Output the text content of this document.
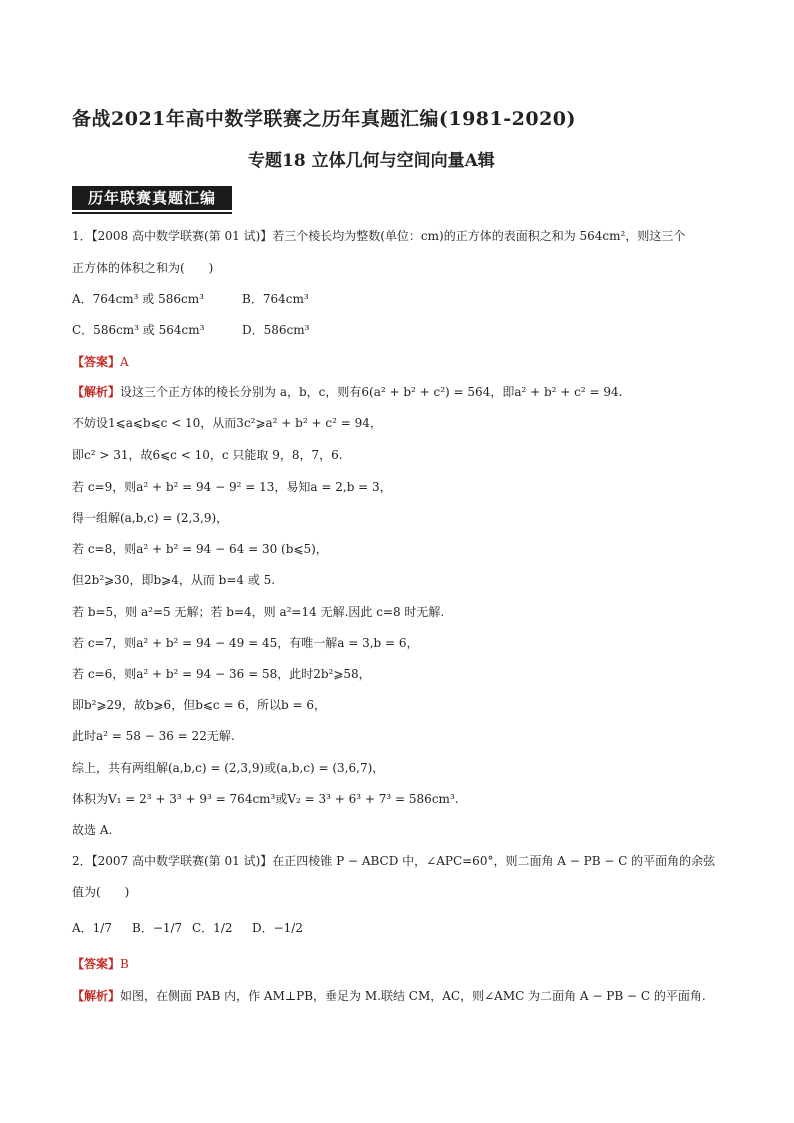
备战2021年高中数学联赛之历年真题汇编(1981-2020)
专题18 立体几何与空间向量A辑
历年联赛真题汇编
1．【2008 高中数学联赛(第 01 试)】若三个棱长均为整数(单位：cm)的正方体的表面积之和为 564cm²，则这三个
正方体的体积之和为(　　)
A．764cm³ 或 586cm³	B．764cm³
C．586cm³ 或 564cm³	D．586cm³
【答案】A
【解析】设这三个正方体的棱长分别为 a，b，c，则有6(a² + b² + c²) = 564，即a² + b² + c² = 94.
不妨设1⩽a⩽b⩽c < 10，从而3c²⩾a² + b² + c² = 94，
即c² > 31，故6⩽c < 10，c 只能取 9，8，7，6.
若 c=9，则a² + b² = 94 − 9² = 13，易知a = 2,b = 3，
得一组解(a,b,c) = (2,3,9)，
若 c=8，则a² + b² = 94 − 64 = 30 (b⩽5)，
但2b²⩾30，即b⩾4，从而 b=4 或 5.
若 b=5，则 a²=5 无解；若 b=4，则 a²=14 无解.因此 c=8 时无解.
若 c=7，则a² + b² = 94 − 49 = 45，有唯一解a = 3,b = 6，
若 c=6，则a² + b² = 94 − 36 = 58，此时2b²⩾58，
即b²⩾29，故b⩾6，但b⩽c = 6，所以b = 6，
此时a² = 58 − 36 = 22无解.
综上，共有两组解(a,b,c) = (2,3,9)或(a,b,c) = (3,6,7)，
体积为V₁ = 2³ + 3³ + 9³ = 764cm³或V₂ = 3³ + 6³ + 7³ = 586cm³.
故选 A.
2．【2007 高中数学联赛(第 01 试)】在正四棱锥 P − ABCD 中，∠APC=60°，则二面角 A − PB − C 的平面角的余弦
值为(　　)
A．1/7 B．−1/7 C．1/2 D．−1/2
【答案】B
【解析】如图，在侧面 PAB 内，作 AM⊥PB，垂足为 M.联结 CM，AC，则∠AMC 为二面角 A − PB − C 的平面角.
